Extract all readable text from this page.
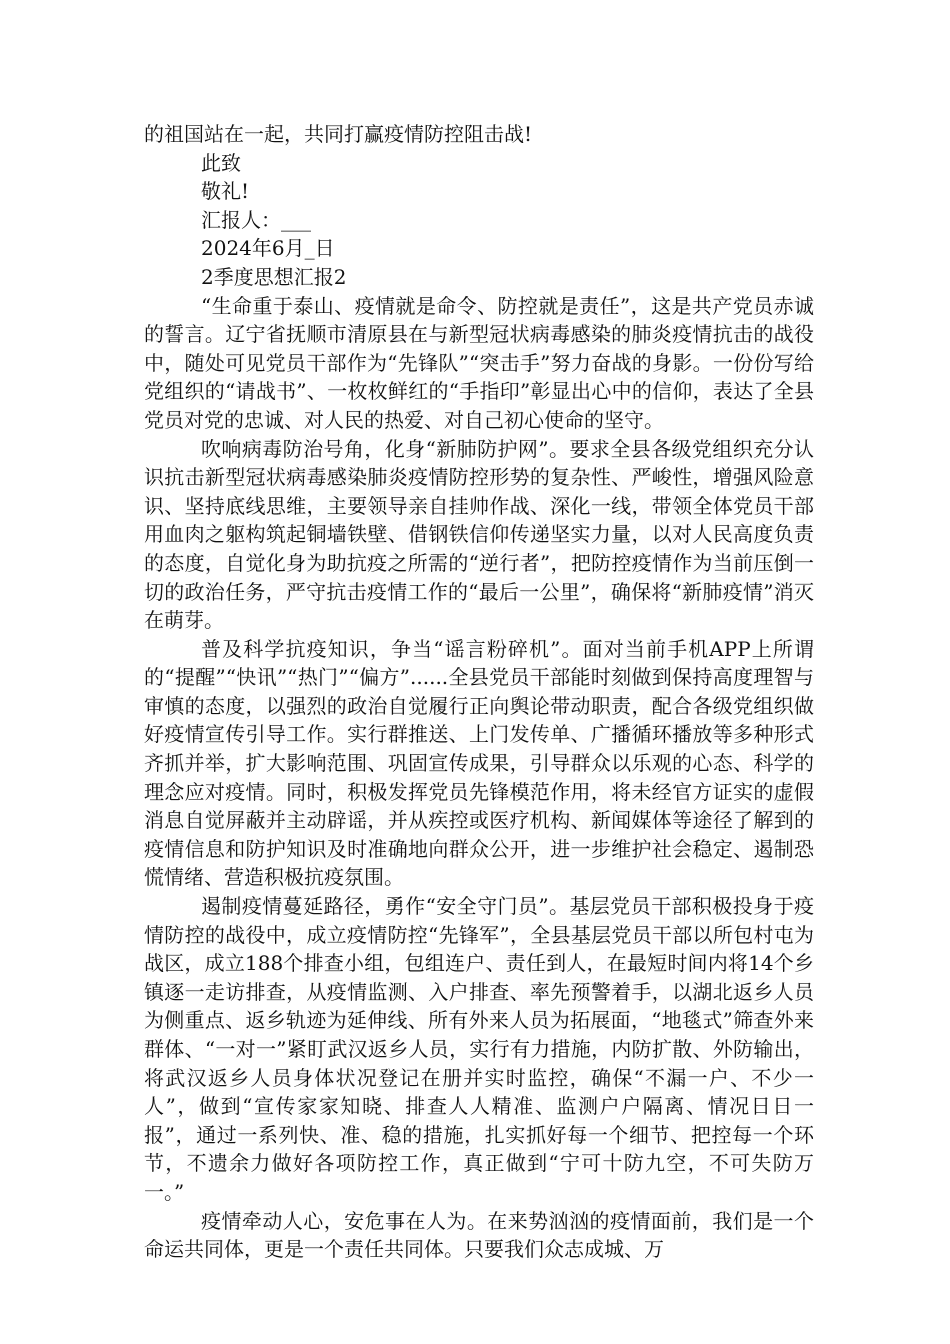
的祖国站在一起，共同打赢疫情防控阻击战!
此致
敬礼!
汇报人：___
2024年6月_日
2季度思想汇报2

“生命重于泰山、疫情就是命令、防控就是责任”，这是共产党员赤诚的誓言。辽宁省抚顺市清原县在与新型冠状病毒感染的肺炎疫情抗击的战役中，随处可见党员干部作为“先锋队”“突击手”努力奋战的身影。一份份写给党组织的“请战书”、一枚枚鲜红的“手指印”彰显出心中的信仰，表达了全县党员对党的忠诚、对人民的热爱、对自己初心使命的坚守。

吹响病毒防治号角，化身“新肺防护网”。要求全县各级党组织充分认识抗击新型冠状病毒感染肺炎疫情防控形势的复杂性、严峻性，增强风险意识、坚持底线思维，主要领导亲自挂帅作战、深化一线，带领全体党员干部用血肉之躯构筑起铜墙铁壁、借钢铁信仰传递坚实力量，以对人民高度负责的态度，自觉化身为助抗疫之所需的“逆行者”，把防控疫情作为当前压倒一切的政治任务，严守抗击疫情工作的“最后一公里”，确保将“新肺疫情”消灭在萌芽。

普及科学抗疫知识，争当“谣言粉碎机”。面对当前手机APP上所谓的“提醒”“快讯”“热门”“偏方”......全县党员干部能时刻做到保持高度理智与审慎的态度，以强烈的政治自觉履行正向舆论带动职责，配合各级党组织做好疫情宣传引导工作。实行群推送、上门发传单、广播循环播放等多种形式齐抓并举，扩大影响范围、巩固宣传成果，引导群众以乐观的心态、科学的理念应对疫情。同时，积极发挥党员先锋模范作用，将未经官方证实的虚假消息自觉屏蔽并主动辟谣，并从疾控或医疗机构、新闻媒体等途径了解到的疫情信息和防护知识及时准确地向群众公开，进一步维护社会稳定、遏制恐慌情绪、营造积极抗疫氛围。

遏制疫情蔓延路径，勇作“安全守门员”。基层党员干部积极投身于疫情防控的战役中，成立疫情防控“先锋军”，全县基层党员干部以所包村屯为战区，成立188个排查小组，包组连户、责任到人，在最短时间内将14个乡镇逐一走访排查，从疫情监测、入户排查、率先预警着手，以湖北返乡人员为侧重点、返乡轨迹为延伸线、所有外来人员为拓展面，“地毯式”筛查外来群体、“一对一”紧盯武汉返乡人员，实行有力措施，内防扩散、外防输出，将武汉返乡人员身体状况登记在册并实时监控，确保“不漏一户、不少一人”，做到“宣传家家知晓、排查人人精准、监测户户隔离、情况日日一报”，通过一系列快、准、稳的措施，扎实抓好每一个细节、把控每一个环节，不遗余力做好各项防控工作，真正做到“宁可十防九空，不可失防万一。”

疫情牵动人心，安危事在人为。在来势汹汹的疫情面前，我们是一个命运共同体，更是一个责任共同体。只要我们众志成城、万
